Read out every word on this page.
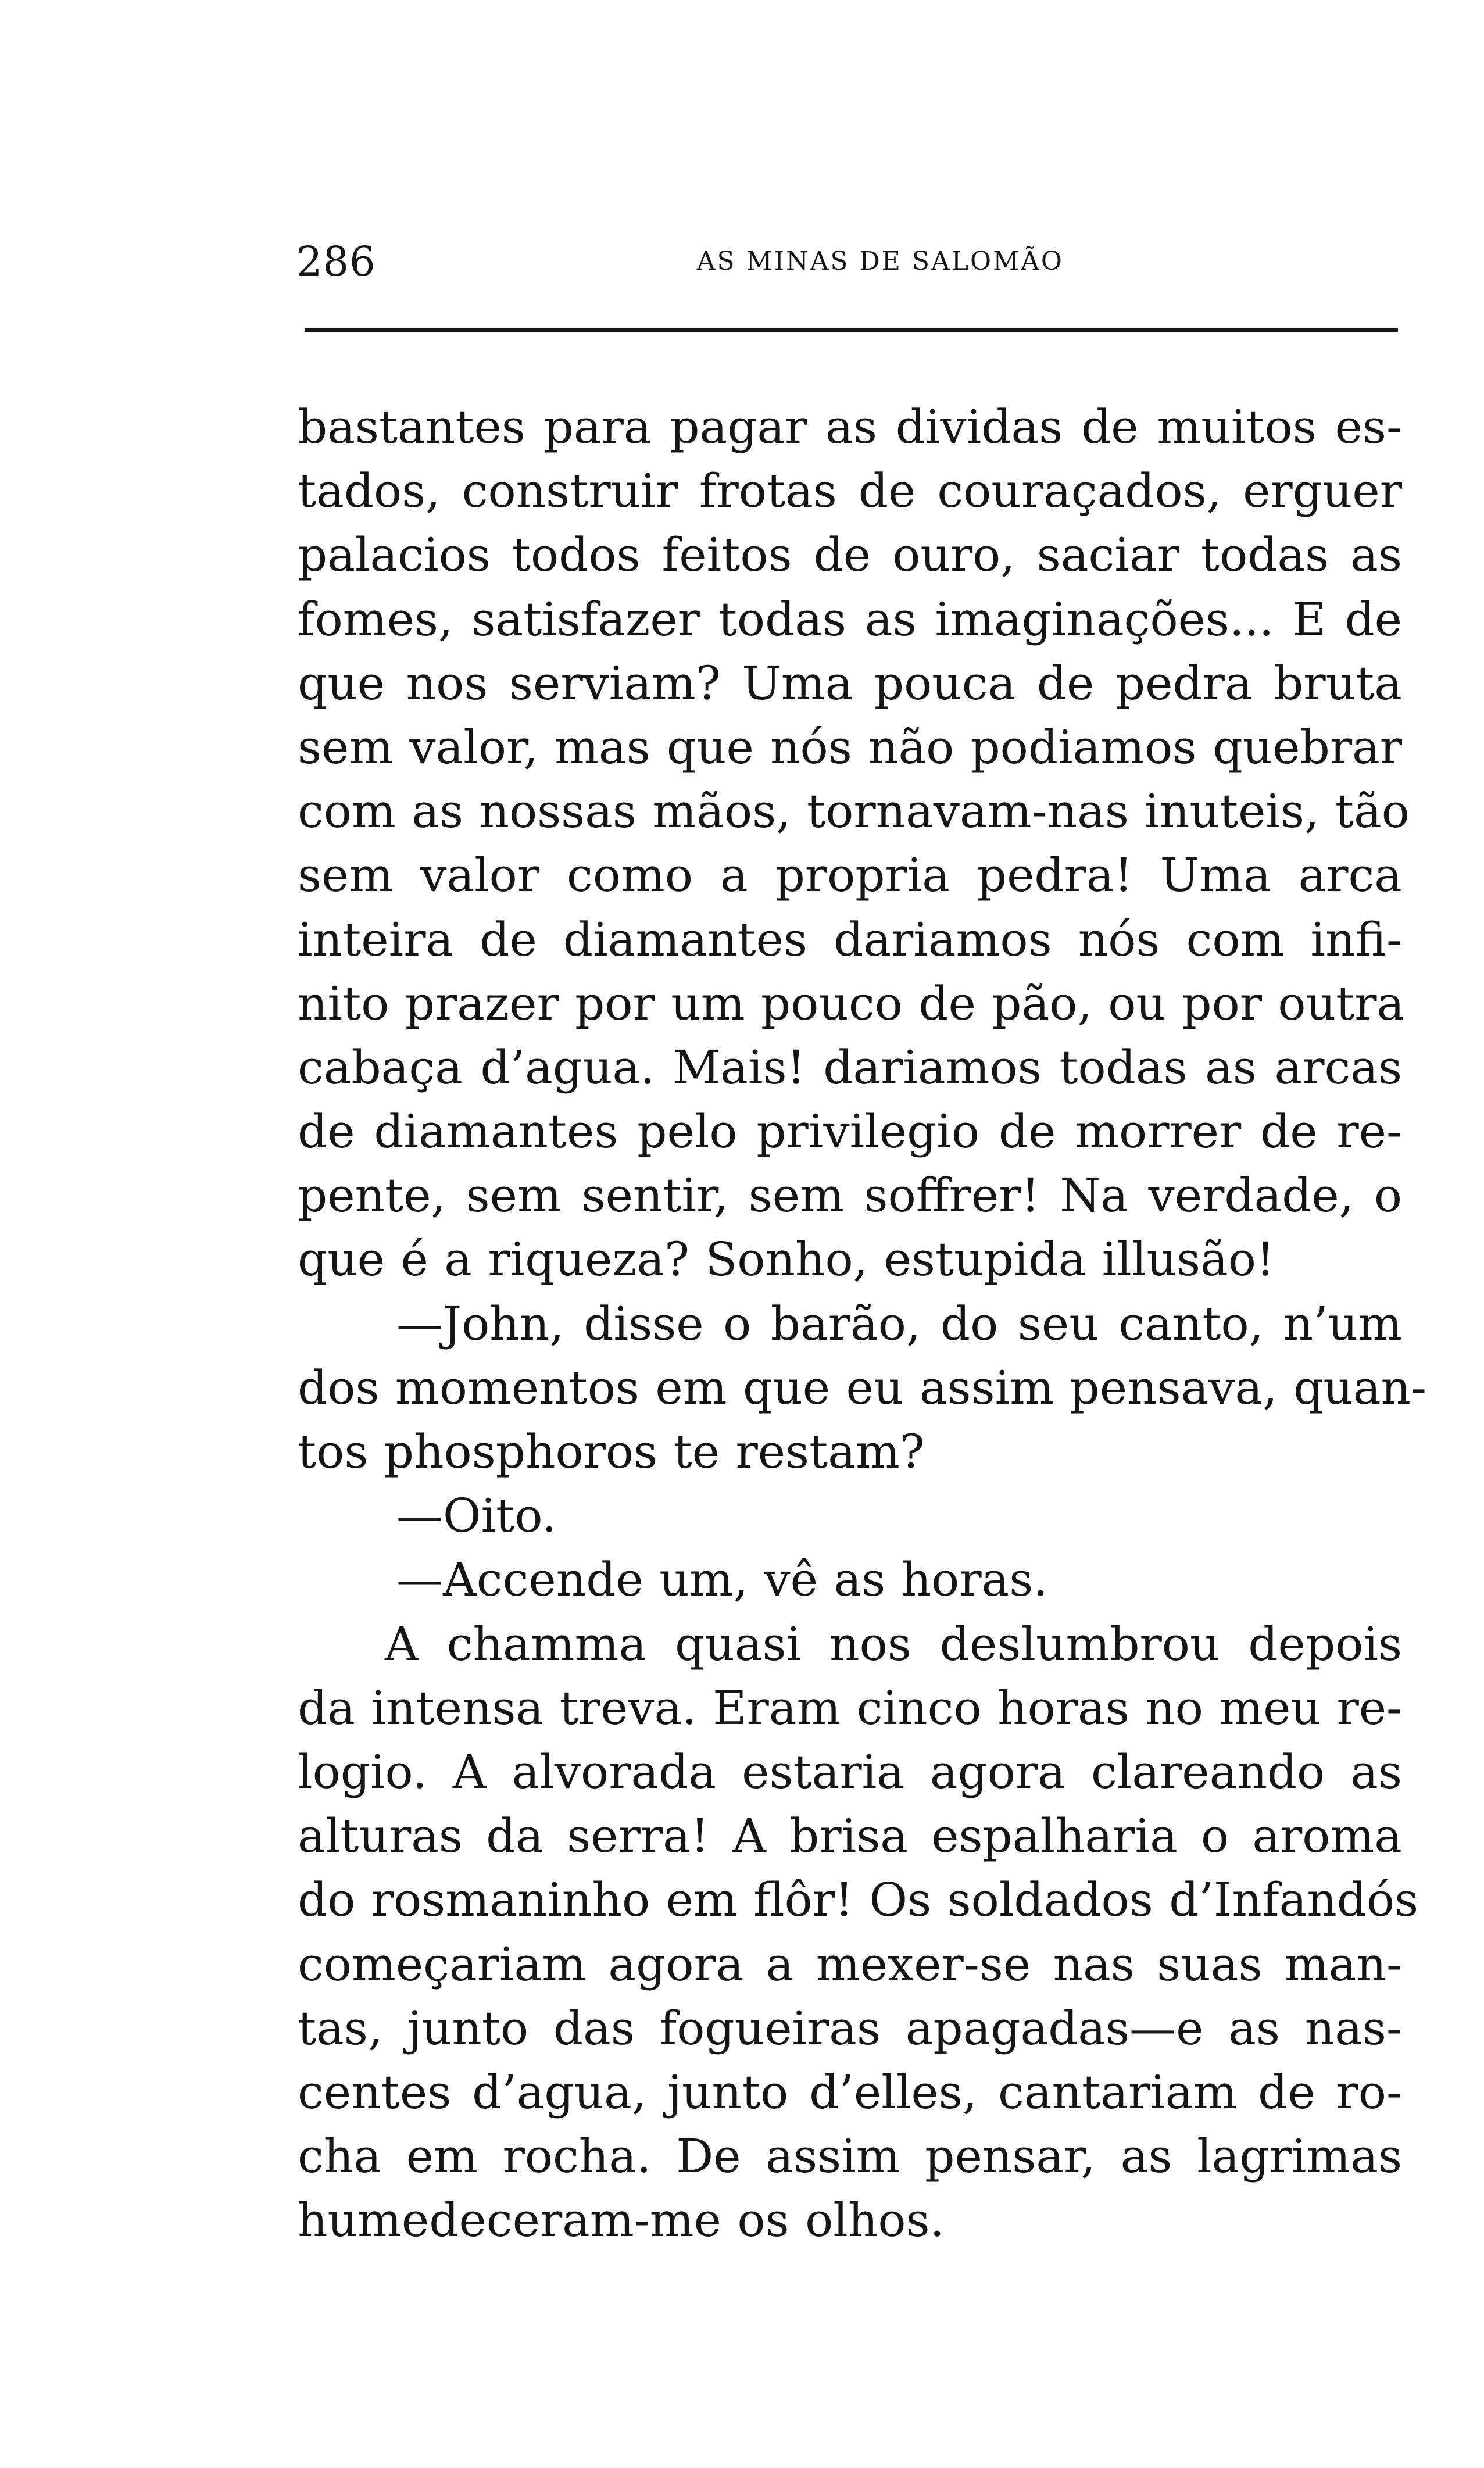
286	AS MINAS DE SALOMÃO
bastantes para pagar as dividas de muitos es-
tados, construir frotas de couraçados, erguer
palacios todos feitos de ouro, saciar todas as
fomes, satisfazer todas as imaginações... E de
que nos serviam? Uma pouca de pedra bruta
sem valor, mas que nós não podiamos quebrar
com as nossas mãos, tornavam-nas inuteis, tão
sem valor como a propria pedra! Uma arca
inteira de diamantes dariamos nós com infi-
nito prazer por um pouco de pão, ou por outra
cabaça d’agua. Mais! dariamos todas as arcas
de diamantes pelo privilegio de morrer de re-
pente, sem sentir, sem soffrer! Na verdade, o
que é a riqueza? Sonho, estupida illusão!
—John, disse o barão, do seu canto, n’um
dos momentos em que eu assim pensava, quan-
tos phosphoros te restam?
—Oito.
—Accende um, vê as horas.
A chamma quasi nos deslumbrou depois
da intensa treva. Eram cinco horas no meu re-
logio. A alvorada estaria agora clareando as
alturas da serra! A brisa espalharia o aroma
do rosmaninho em flôr! Os soldados d’Infandós
começariam agora a mexer-se nas suas man-
tas, junto das fogueiras apagadas—e as nas-
centes d’agua, junto d’elles, cantariam de ro-
cha em rocha. De assim pensar, as lagrimas
humedeceram-me os olhos.
